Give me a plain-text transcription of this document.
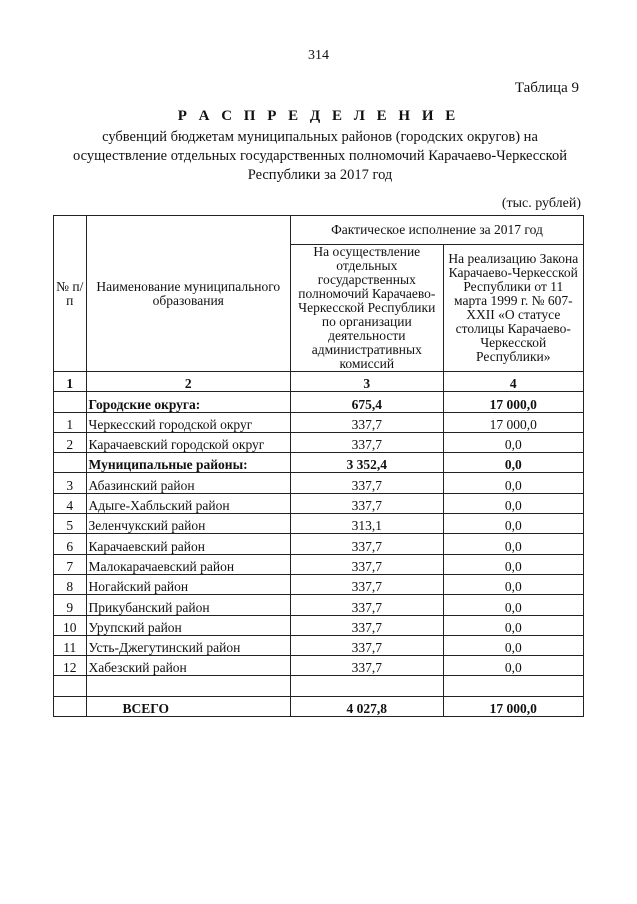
314
Таблица 9
Р А С П Р Е Д Е Л Е Н И Е
субвенций бюджетам муниципальных районов (городских округов) на осуществление отдельных государственных полномочий Карачаево-Черкесской Республики за 2017 год
(тыс. рублей)
№ п/п	Наименование муниципального образования	Фактическое исполнение за 2017 год	
		На осуществление отдельных государственных полномочий Карачаево-Черкесской Республики по организации деятельности административных комиссий	На реализацию Закона Карачаево-Черкесской Республики от 11 марта 1999 г. № 607-XXII «О статусе столицы Карачаево-Черкесской Республики»
1	2	3	4
	Городские округа:	675,4	17 000,0
1	Черкесский городской округ	337,7	17 000,0
2	Карачаевский городской округ	337,7	0,0
	Муниципальные районы:	3 352,4	0,0
3	Абазинский район	337,7	0,0
4	Адыге-Хабльский район	337,7	0,0
5	Зеленчукский район	313,1	0,0
6	Карачаевский район	337,7	0,0
7	Малокарачаевский район	337,7	0,0
8	Ногайский район	337,7	0,0
9	Прикубанский район	337,7	0,0
10	Урупский район	337,7	0,0
11	Усть-Джегутинский район	337,7	0,0
12	Хабезский район	337,7	0,0

	ВСЕГО	4 027,8	17 000,0
